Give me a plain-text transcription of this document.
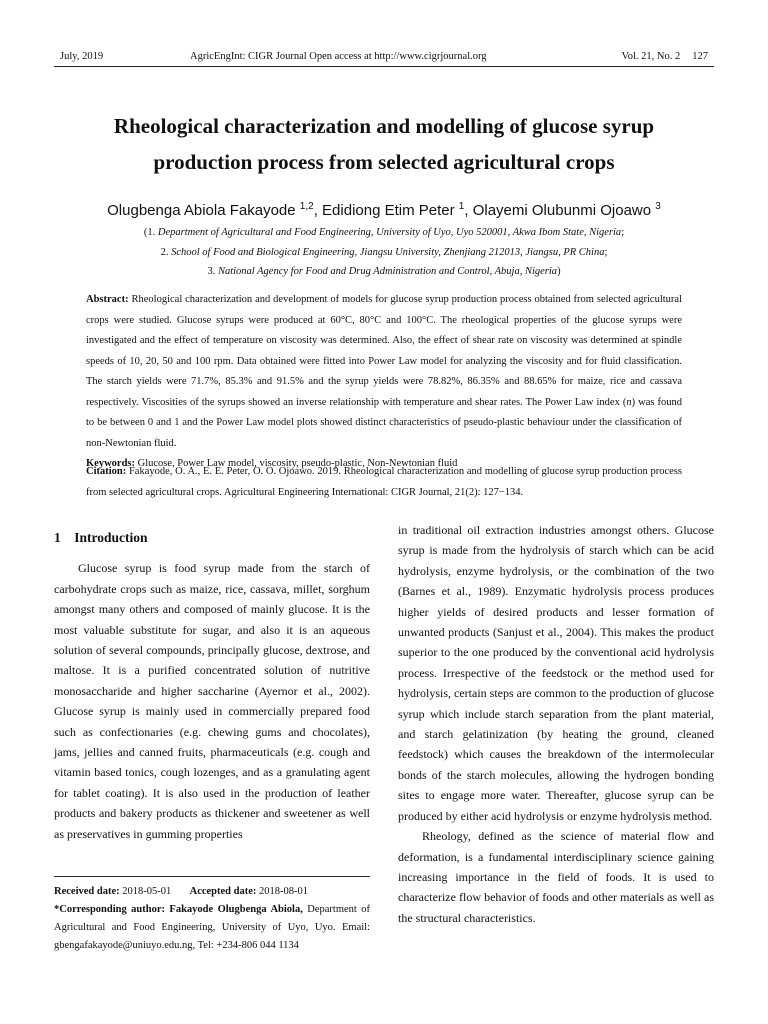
July, 2019	AgricEngInt: CIGR Journal Open access at http://www.cigrjournal.org	Vol. 21, No. 2 127
Rheological characterization and modelling of glucose syrup
production process from selected agricultural crops
Olugbenga Abiola Fakayode $^{1,2}$, Edidiong Etim Peter $^1$, Olayemi Olubunmi Ojoawo $^3$
(1. Department of Agricultural and Food Engineering, University of Uyo, Uyo 520001, Akwa Ibom State, Nigeria;
2. School of Food and Biological Engineering, Jiangsu University, Zhenjiang 212013, Jiangsu, PR China;
3. National Agency for Food and Drug Administration and Control, Abuja, Nigeria)
Abstract: Rheological characterization and development of models for glucose syrup production process obtained from selected agricultural crops were studied. Glucose syrups were produced at 60°C, 80°C and 100°C. The rheological properties of the glucose syrups were investigated and the effect of temperature on viscosity was determined. Also, the effect of shear rate on viscosity was determined at spindle speeds of 10, 20, 50 and 100 rpm. Data obtained were fitted into Power Law model for analyzing the viscosity and for fluid classification. The starch yields were 71.7%, 85.3% and 91.5% and the syrup yields were 78.82%, 86.35% and 88.65% for maize, rice and cassava respectively. Viscosities of the syrups showed an inverse relationship with temperature and shear rates. The Power Law index (n) was found to be between 0 and 1 and the Power Law model plots showed distinct characteristics of pseudo-plastic behaviour under the classification of non-Newtonian fluid.
Keywords: Glucose, Power Law model, viscosity, pseudo-plastic, Non-Newtonian fluid
Citation: Fakayode, O. A., E. E. Peter, O. O. Ojoawo. 2019. Rheological characterization and modelling of glucose syrup production process from selected agricultural crops. Agricultural Engineering International: CIGR Journal, 21(2): 127−134.
1 Introduction

Glucose syrup is food syrup made from the starch of carbohydrate crops such as maize, rice, cassava, millet, sorghum amongst many others and composed of mainly glucose. It is the most valuable substitute for sugar, and also it is an aqueous solution of several compounds, principally glucose, dextrose, and maltose. It is a purified concentrated solution of nutritive monosaccharide and higher saccharine (Ayernor et al., 2002). Glucose syrup is mainly used in commercially prepared food such as confectionaries (e.g. chewing gums and chocolates), jams, jellies and canned fruits, pharmaceuticals (e.g. cough and vitamin based tonics, cough lozenges, and as a granulating agent for tablet coating). It is also used in the production of leather products and bakery products as thickener and sweetener as well as preservatives in gumming properties

in traditional oil extraction industries amongst others. Glucose syrup is made from the hydrolysis of starch which can be acid hydrolysis, enzyme hydrolysis, or the combination of the two (Barnes et al., 1989). Enzymatic hydrolysis process produces higher yields of desired products and lesser formation of unwanted products (Sanjust et al., 2004). This makes the product superior to the one produced by the conventional acid hydrolysis process. Irrespective of the feedstock or the method used for hydrolysis, certain steps are common to the production of glucose syrup which include starch separation from the plant material, and starch gelatinization (by heating the ground, cleaned feedstock) which causes the breakdown of the intermolecular bonds of the starch molecules, allowing the hydrogen bonding sites to engage more water. Thereafter, glucose syrup can be produced by either acid hydrolysis or enzyme hydrolysis method.

Rheology, defined as the science of material flow and deformation, is a fundamental interdisciplinary science gaining increasing importance in the field of foods. It is used to characterize flow behavior of foods and other materials as well as the structural characteristics.

Received date: 2018-05-01 Accepted date: 2018-08-01
*Corresponding author: Fakayode Olugbenga Abiola, Department of Agricultural and Food Engineering, University of Uyo, Uyo. Email: gbengafakayode@uniuyo.edu.ng, Tel: +234-806 044 1134
